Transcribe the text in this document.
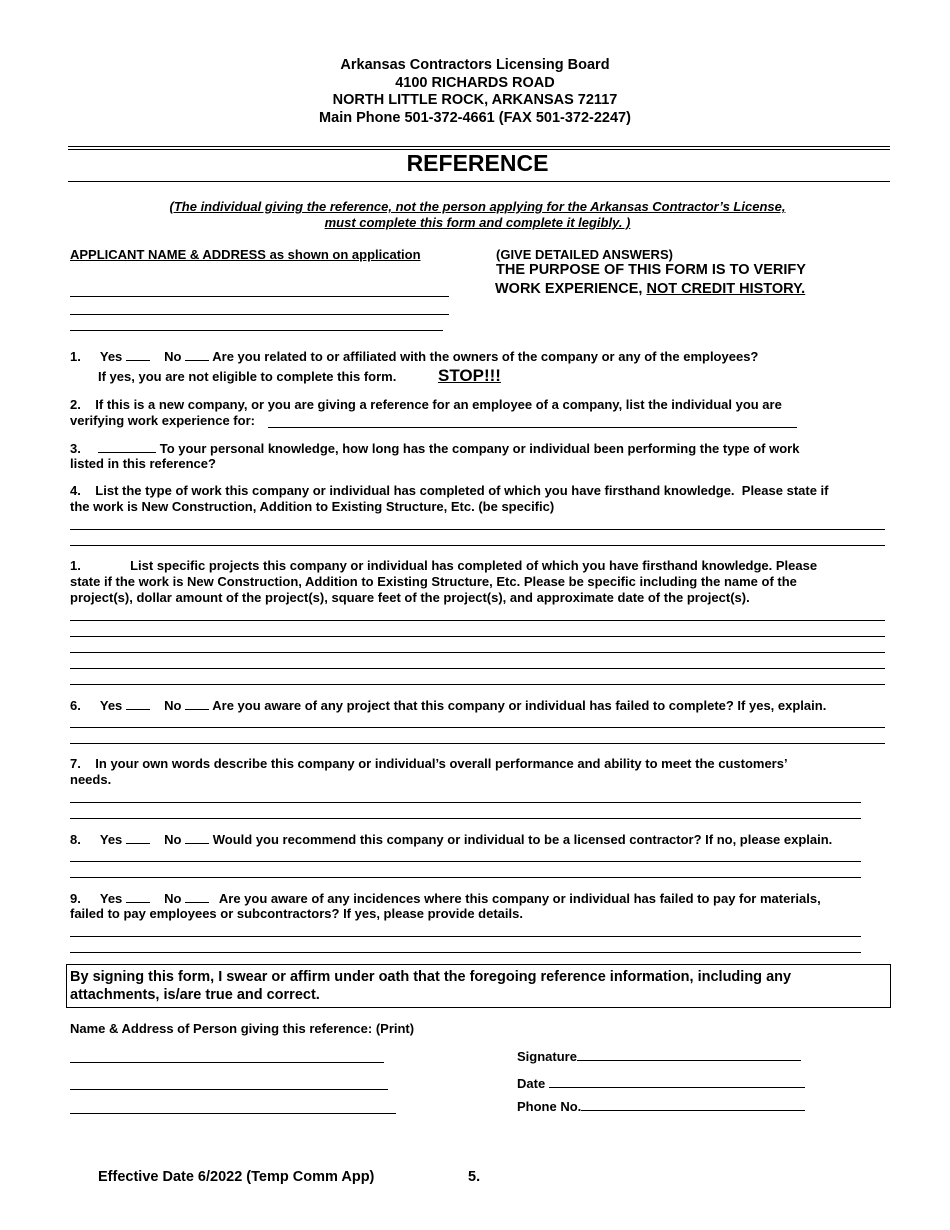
Arkansas Contractors Licensing Board
4100 RICHARDS ROAD
NORTH LITTLE ROCK, ARKANSAS 72117
Main Phone 501-372-4661 (FAX 501-372-2247)
REFERENCE
(The individual giving the reference, not the person applying for the Arkansas Contractor’s License,
must complete this form and complete it legibly. )
APPLICANT NAME & ADDRESS as shown on application	(GIVE DETAILED ANSWERS)
THE PURPOSE OF THIS FORM IS TO VERIFY
WORK EXPERIENCE, NOT CREDIT HISTORY.
1. Yes	No Are you related to or affiliated with the owners of the company or any of the employees?
If yes, you are not eligible to complete this form. STOP!!!
2.    If this is a new company, or you are giving a reference for an employee of a company, list the individual you are
verifying work experience for:
3.	To your personal knowledge, how long has the company or individual been performing the type of work
listed in this reference?
4.    List the type of work this company or individual has completed of which you have firsthand knowledge.  Please state if
the work is New Construction, Addition to Existing Structure, Etc. (be specific)
1.	List specific projects this company or individual has completed of which you have firsthand knowledge. Please
state if the work is New Construction, Addition to Existing Structure, Etc. Please be specific including the name of the
project(s), dollar amount of the project(s), square feet of the project(s), and approximate date of the project(s).
6. Yes	No Are you aware of any project that this company or individual has failed to complete? If yes, explain.
7.    In your own words describe this company or individual’s overall performance and ability to meet the customers’
needs.
8. Yes	No Would you recommend this company or individual to be a licensed contractor? If no, please explain.
9. Yes	No	Are you aware of any incidences where this company or individual has failed to pay for materials,
failed to pay employees or subcontractors? If yes, please provide details.
By signing this form, I swear or affirm under oath that the foregoing reference information, including any
attachments, is/are true and correct.
Name & Address of Person giving this reference: (Print)
Signature
Date
Phone No.
Effective Date 6/2022 (Temp Comm App)	5.
